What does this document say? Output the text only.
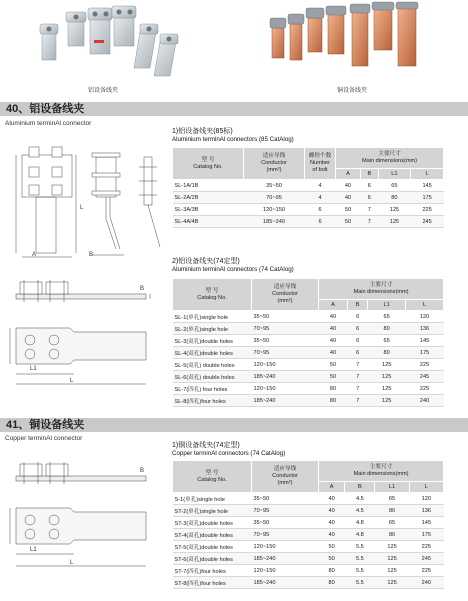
铝设备线夹	铜设备线夹
40、铝设备线夹
Aluminium terminAl connector
A	B
L
1)铝设备线夹(85标)
Aluminium terminAl connectors (85 CatAlog)
型 号
Catalog No.	适应导线
Conductor
(mm²)	螺栓个数
Number
of bolt	主要尺寸
Main dimensions(mm)			
			A	B	L1	L
SL-1A/1B	35~50	4	40	6	65	145
SL-2A/2B	70~95	4	40	6	80	175
SL-3A/3B	120~150	6	50	7	125	225
SL-4A/4B	185~240	6	50	7	125	245
B
L1
L
2)铝设备线夹(74定型)
Aluminium terminAl connectors (74 CatAlog)
型 号
Catalog No.	适应导线
Conductor
(mm²)	主要尺寸
Main dimensions(mm)			
		A	B	L1	L
SL-1(单孔)single hole	35~50	40	6	65	120
SL-2(单孔)single hole	70~95	40	6	80	136
SL-3(双孔)double holes	35~50	40	6	65	145
SL-4(双孔)double holes	70~95	40	6	80	175
SL-5(双孔) double holes	120~150	50	7	125	225
SL-6(双孔) double holes	185~240	50	7	125	245
SL-7(四孔) four holes	120~150	80	7	125	225
SL-8(四孔)four holes	185~240	80	7	125	240
41、铜设备线夹
Copper terminAl connector
B
L1
L
1)铜设备线夹(74定型)
Copper terminAl connectors (74 CatAlog)
型 号
Catalog No.	适应导线
Conductor
(mm²)	主要尺寸
Main dimensions(mm)			
		A	B	L1	L
S-1(单孔)single hole	35~50	40	4.5	65	120
ST-2(单孔)single hole	70~95	40	4.5	80	136
ST-3(双孔)double holes	35~50	40	4.8	65	145
ST-4(双孔)double holes	70~95	40	4.8	80	175
ST-5(双孔)double holes	120~150	50	5.5	125	225
ST-6(双孔)double holes	185~240	50	5.5	125	245
ST-7(四孔)four holes	120~150	80	5.5	125	225
ST-8(四孔)four holes	185~240	80	5.5	125	240
